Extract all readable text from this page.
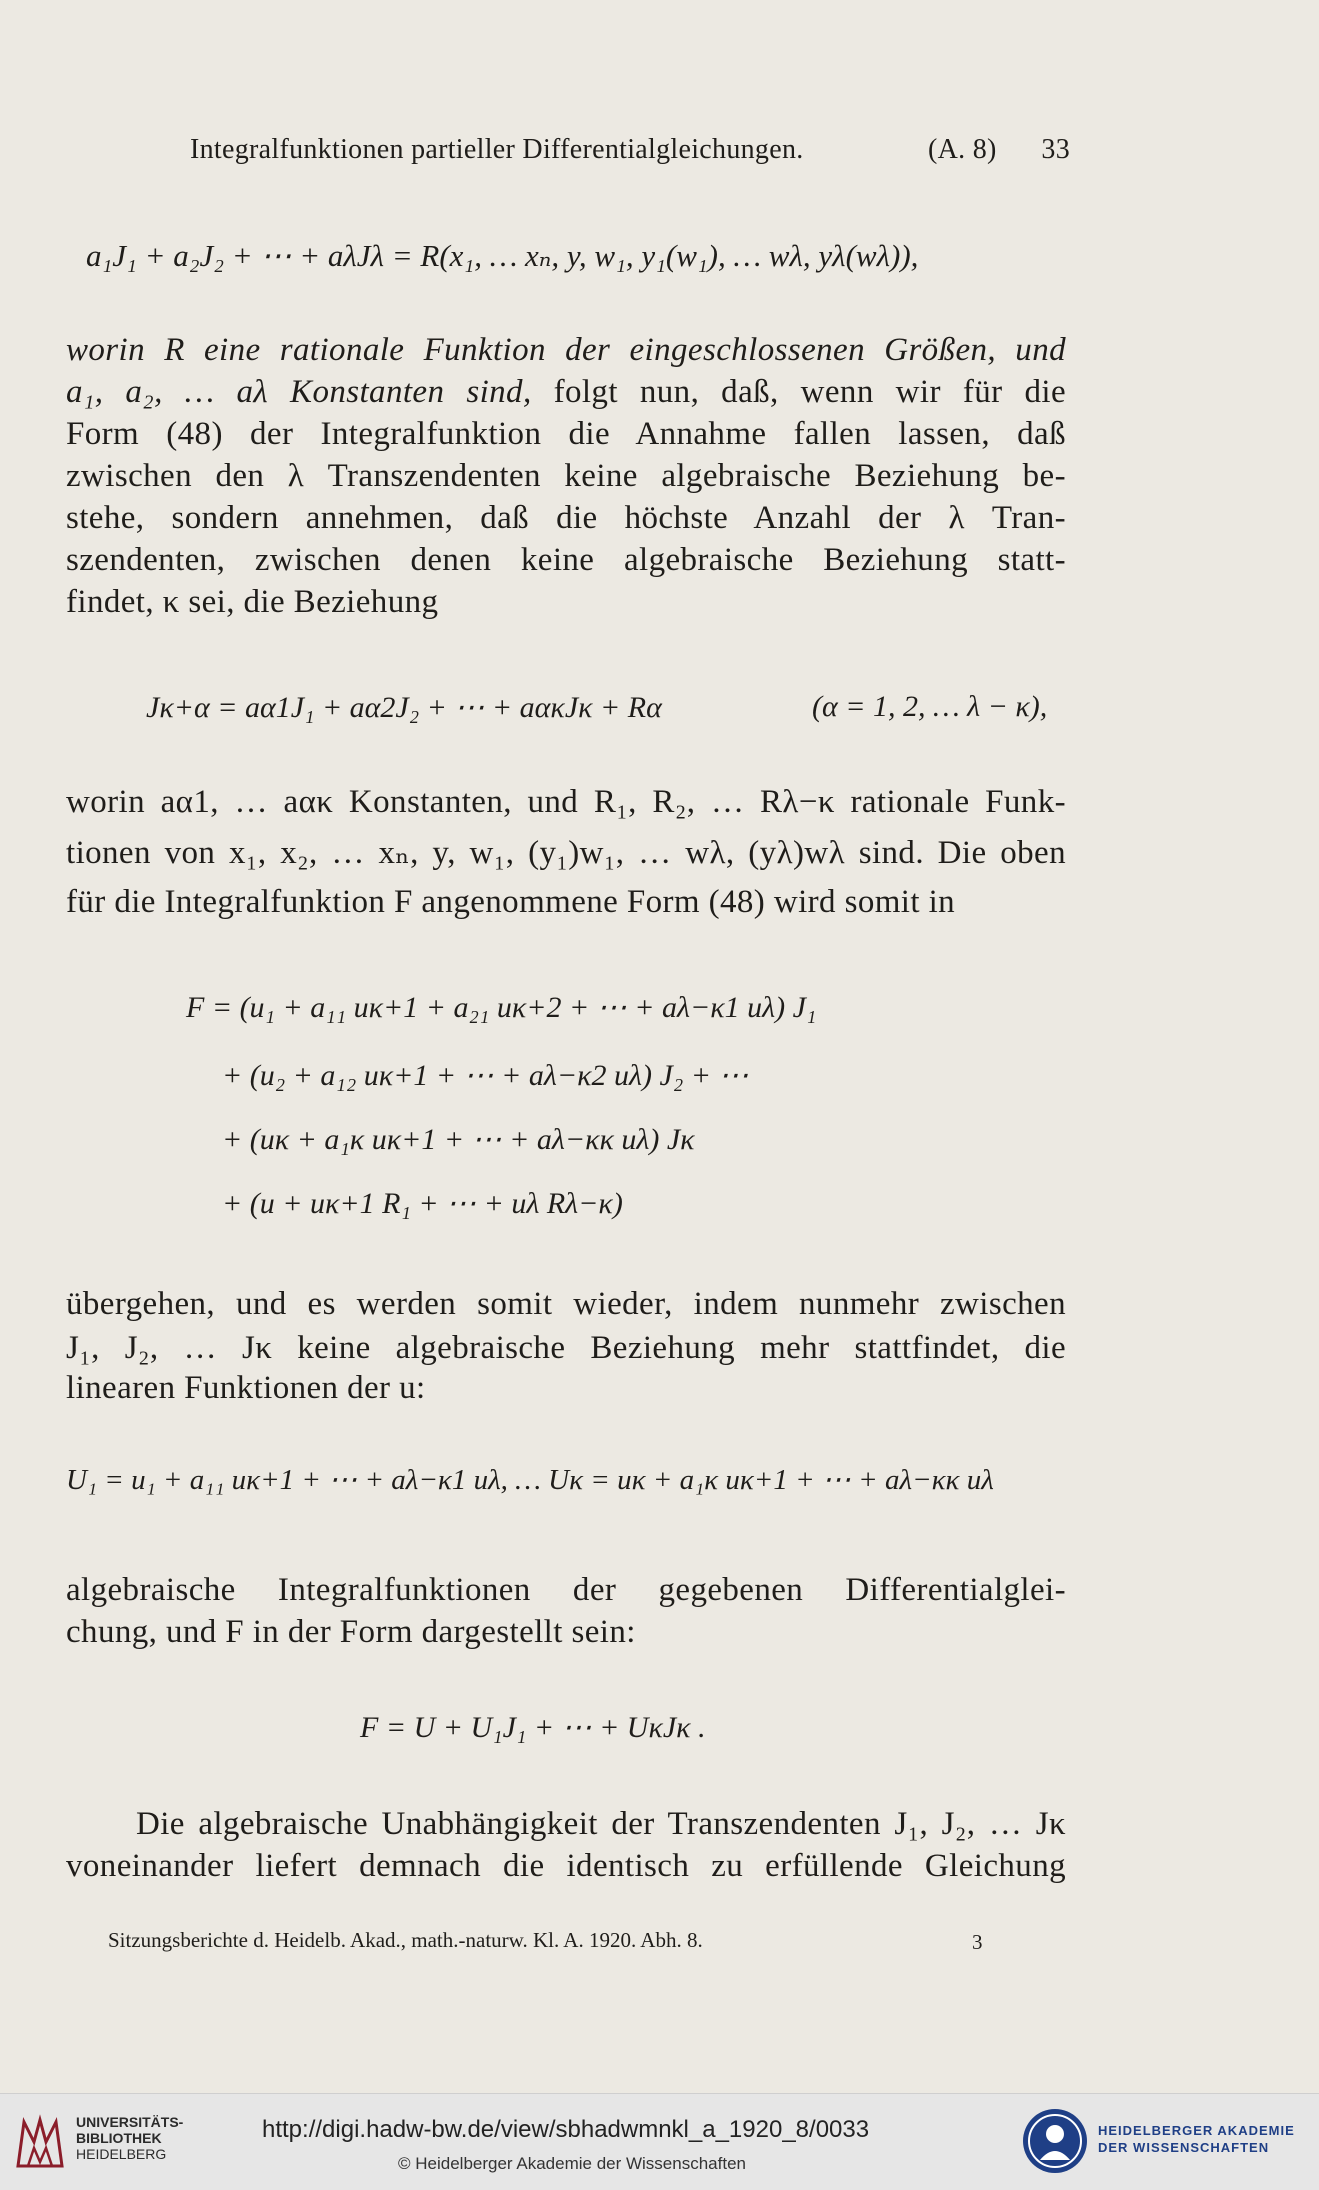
Integralfunktionen partieller Differentialgleichungen.	(A. 8) 33
a₁J₁ + a₂J₂ + ⋯ + aλJλ = R(x₁, … xₙ, y, w₁, y₁(w₁), … wλ, yλ(wλ)),
worin R eine rationale Funktion der eingeschlossenen Größen, und
a₁, a₂, … aλ Konstanten sind, folgt nun, daß, wenn wir für die
Form (48) der Integralfunktion die Annahme fallen lassen, daß
zwischen den λ Transzendenten keine algebraische Beziehung be-
stehe, sondern annehmen, daß die höchste Anzahl der λ Tran-
szendenten, zwischen denen keine algebraische Beziehung statt-
findet, κ sei, die Beziehung
Jκ+α = aα1J₁ + aα2J₂ + ⋯ + aακJκ + Rα	(α = 1, 2, … λ − κ),
worin aα1, … aακ Konstanten, und R₁, R₂, … Rλ−κ rationale Funk-
tionen von x₁, x₂, … xₙ, y, w₁, (y₁)w₁, … wλ, (yλ)wλ sind. Die oben
für die Integralfunktion F angenommene Form (48) wird somit in
F = (u₁ + a₁₁ uκ+1 + a₂₁ uκ+2 + ⋯ + aλ−κ1 uλ) J₁
+ (u₂ + a₁₂ uκ+1 + ⋯ + aλ−κ2 uλ) J₂ + ⋯
+ (uκ + a₁κ uκ+1 + ⋯ + aλ−κκ uλ) Jκ
+ (u + uκ+1 R₁ + ⋯ + uλ Rλ−κ)
übergehen, und es werden somit wieder, indem nunmehr zwischen
J₁, J₂, … Jκ keine algebraische Beziehung mehr stattfindet, die
linearen Funktionen der u:
U₁ = u₁ + a₁₁ uκ+1 + ⋯ + aλ−κ1 uλ, … Uκ = uκ + a₁κ uκ+1 + ⋯ + aλ−κκ uλ
algebraische Integralfunktionen der gegebenen Differentialglei-
chung, und F in der Form dargestellt sein:
F = U + U₁J₁ + ⋯ + UκJκ .
Die algebraische Unabhängigkeit der Transzendenten J₁, J₂, … Jκ
voneinander liefert demnach die identisch zu erfüllende Gleichung
Sitzungsberichte d. Heidelb. Akad., math.-naturw. Kl. A. 1920. Abh. 8.	3
UNIVERSITÄTS-
BIBLIOTHEK
HEIDELBERG
http://digi.hadw-bw.de/view/sbhadwmnkl_a_1920_8/0033
© Heidelberger Akademie der Wissenschaften
HEIDELBERGER AKADEMIE
DER WISSENSCHAFTEN
